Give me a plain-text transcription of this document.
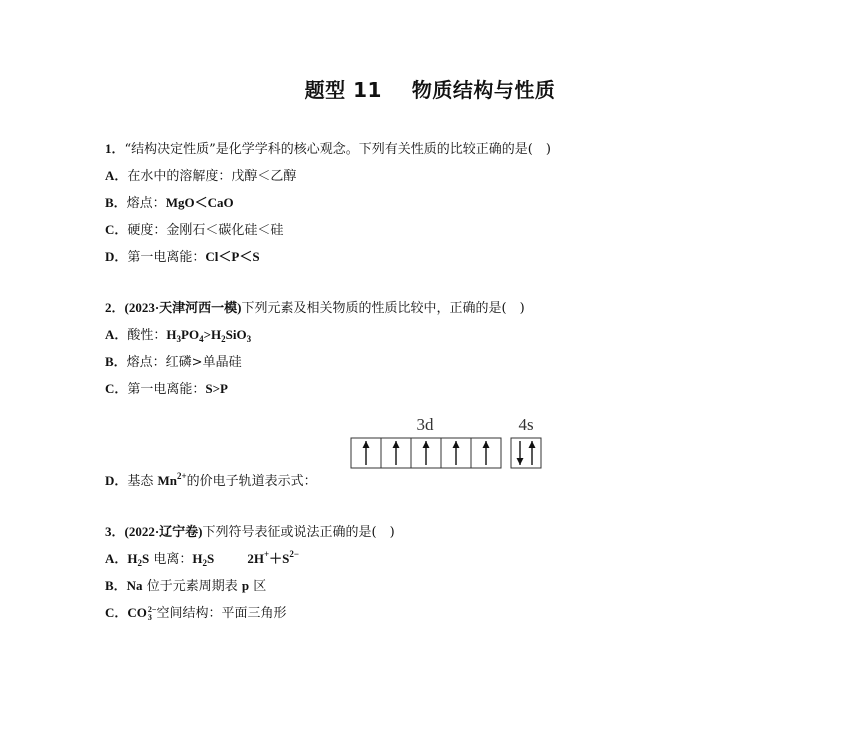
题型 11    物质结构与性质
1．“结构决定性质”是化学学科的核心观念。下列有关性质的比较正确的是(　)
A．在水中的溶解度：戊醇＜乙醇
B．熔点：MgO＜CaO
C．硬度：金刚石＜碳化硅＜硅
D．第一电离能：Cl＜P＜S
2．(2023·天津河西一模)下列元素及相关物质的性质比较中，正确的是(　)
A．酸性：$H_3PO_4>H_2SiO_3$
B．熔点：红磷>单晶硅
C．第一电离能：S>P
3d	4s
D．基态 $Mn^{2+}$的价电子轨道表示式：
3．(2022·辽宁卷)下列符号表征或说法正确的是(　)
A．$H_2S$ 电离：$H_2S$	$2H^++S^{2-}$
B．Na 位于元素周期表 p 区
C．CO 2−
3 空间结构：平面三角形
